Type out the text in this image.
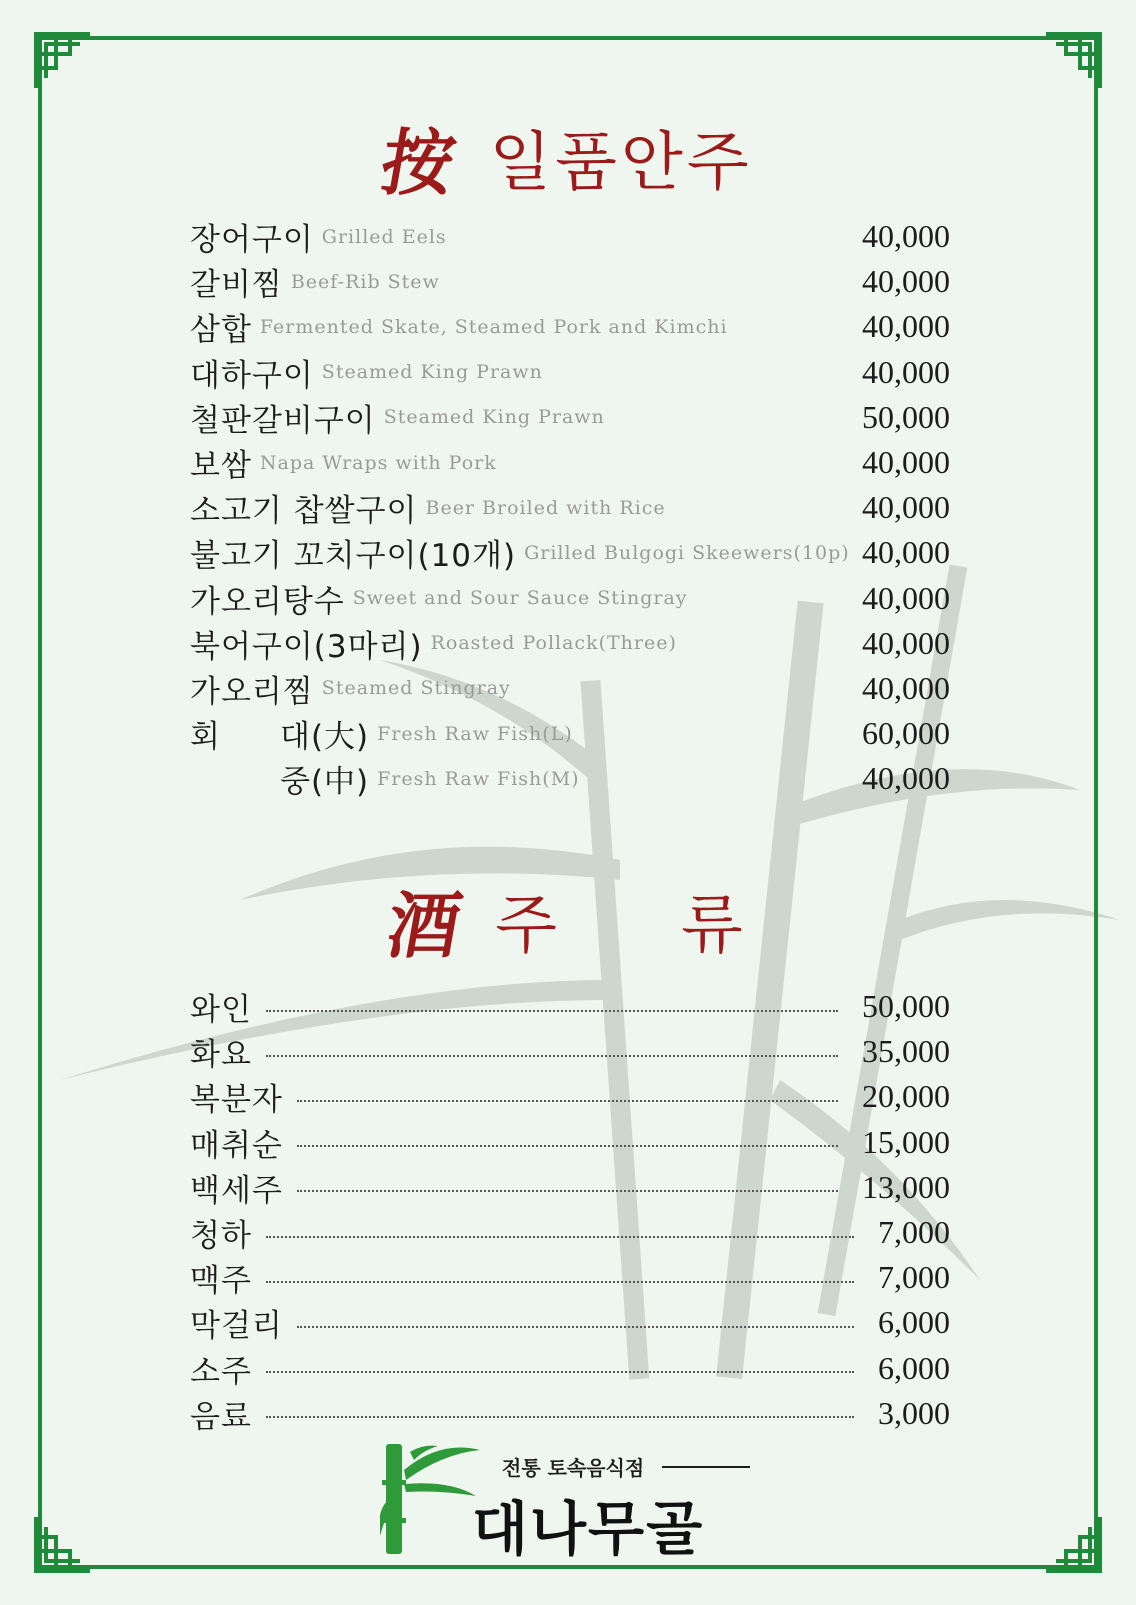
按 일품안주
장어구이 Grilled Eels	40,000
갈비찜 Beef-Rib Stew	40,000
삼합 Fermented Skate, Steamed Pork and Kimchi	40,000
대하구이 Steamed King Prawn	40,000
철판갈비구이 Steamed King Prawn	50,000
보쌈 Napa Wraps with Pork	40,000
소고기 찹쌀구이 Beer Broiled with Rice	40,000
불고기 꼬치구이(10개) Grilled Bulgogi Skeewers(10p) 40,000
가오리탕수 Sweet and Sour Sauce Stingray	40,000
북어구이(3마리) Roasted Pollack(Three)	40,000
가오리찜 Steamed Stingray	40,000
회	대(大) Fresh Raw Fish(L)	60,000
중(中) Fresh Raw Fish(M)	40,000
酒 주 류
와인	50,000
화요	35,000
복분자	20,000
매취순	15,000
백세주	13,000
청하	7,000
맥주	7,000
막걸리	6,000
소주	6,000
음료	3,000
전통 토속음식점
대나무골
